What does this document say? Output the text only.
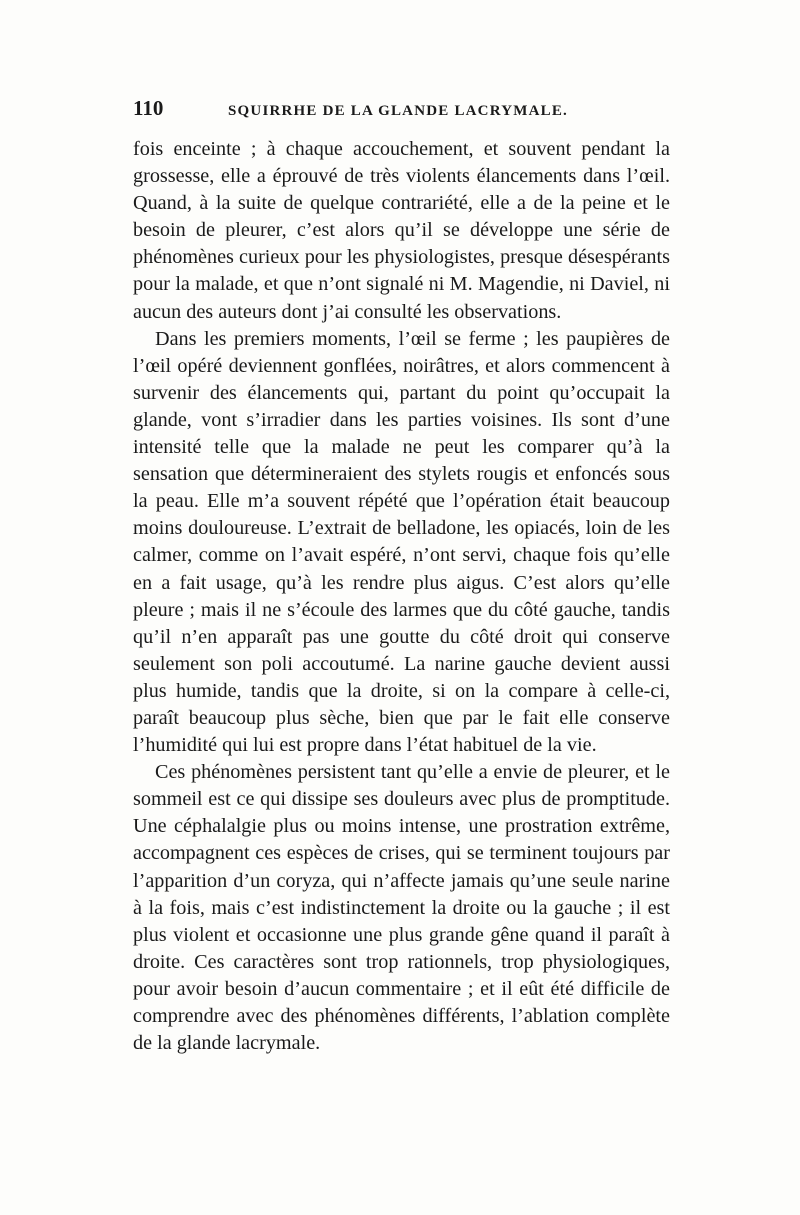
110	SQUIRRHE DE LA GLANDE LACRYMALE.

fois enceinte ; à chaque accouchement, et souvent pendant la grossesse, elle a éprouvé de très violents élancements dans l’œil. Quand, à la suite de quelque contrariété, elle a de la peine et le besoin de pleurer, c’est alors qu’il se développe une série de phénomènes curieux pour les physiologistes, presque désespérants pour la malade, et que n’ont signalé ni M. Magendie, ni Daviel, ni aucun des auteurs dont j’ai consulté les observations.

Dans les premiers moments, l’œil se ferme ; les paupières de l’œil opéré deviennent gonflées, noirâtres, et alors commencent à survenir des élancements qui, partant du point qu’occupait la glande, vont s’irradier dans les parties voisines. Ils sont d’une intensité telle que la malade ne peut les comparer qu’à la sensation que détermineraient des stylets rougis et enfoncés sous la peau. Elle m’a souvent répété que l’opération était beaucoup moins douloureuse. L’extrait de belladone, les opiacés, loin de les calmer, comme on l’avait espéré, n’ont servi, chaque fois qu’elle en a fait usage, qu’à les rendre plus aigus. C’est alors qu’elle pleure ; mais il ne s’écoule des larmes que du côté gauche, tandis qu’il n’en apparaît pas une goutte du côté droit qui conserve seulement son poli accoutumé. La narine gauche devient aussi plus humide, tandis que la droite, si on la compare à celle-ci, paraît beaucoup plus sèche, bien que par le fait elle conserve l’humidité qui lui est propre dans l’état habituel de la vie.

Ces phénomènes persistent tant qu’elle a envie de pleurer, et le sommeil est ce qui dissipe ses douleurs avec plus de promptitude. Une céphalalgie plus ou moins intense, une prostration extrême, accompagnent ces espèces de crises, qui se terminent toujours par l’apparition d’un coryza, qui n’affecte jamais qu’une seule narine à la fois, mais c’est indistinctement la droite ou la gauche ; il est plus violent et occasionne une plus grande gêne quand il paraît à droite. Ces caractères sont trop rationnels, trop physiologiques, pour avoir besoin d’aucun commentaire ; et il eût été difficile de comprendre avec des phénomènes différents, l’ablation complète de la glande lacrymale.
